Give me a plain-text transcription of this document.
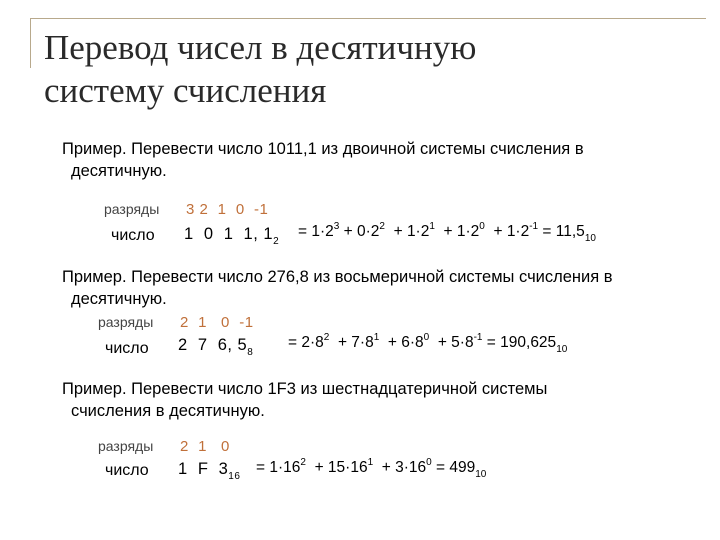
Перевод чисел в десятичную
систему счисления
Пример. Перевести число 1011,1 из двоичной системы счисления в
десятичную.
разряды 3 2  1  0  -1
число 1  0  1  1, $1_2$
= $1\cdot 2^3 + 0\cdot 2^2 + 1\cdot 2^1 + 1\cdot 2^0 + 1\cdot 2^{-1} = 11,5_{10}$
Пример. Перевести число 276,8 из восьмеричной системы счисления в
десятичную.
разряды 2  1   0  -1
число 2  7  6, $5_8$
= $2\cdot 8^2 + 7\cdot 8^1 + 6\cdot 8^0 + 5\cdot 8^{-1} = 190,625_{10}$
Пример. Перевести число 1F3 из шестнадцатеричной системы
счисления в десятичную.
разряды 2  1   0
число 1  F  $3_{16}$
= $1\cdot 16^2 + 15\cdot 16^1 + 3\cdot 16^0 = 499_{10}$
